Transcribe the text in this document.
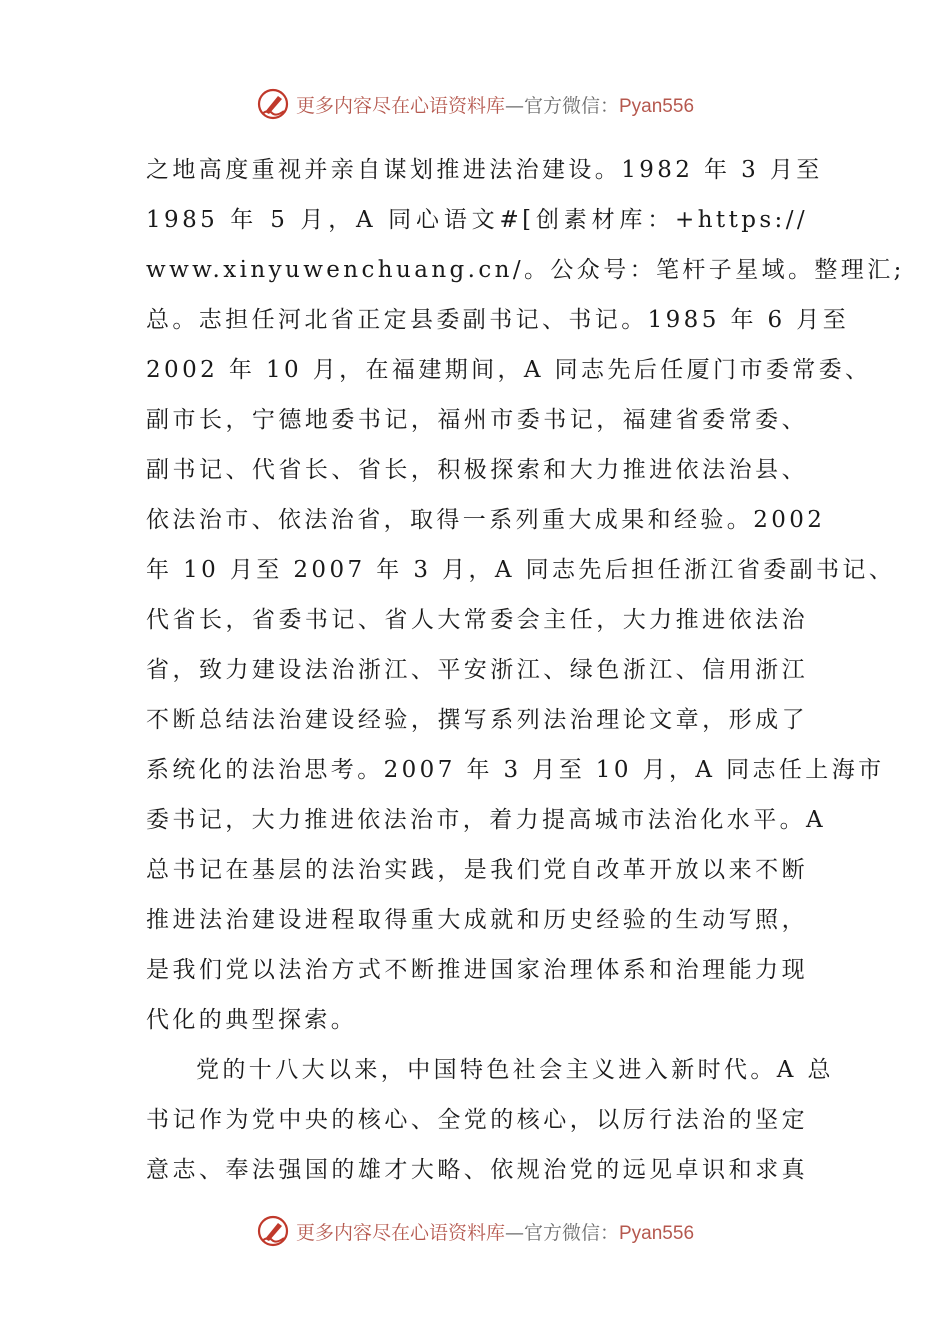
更多内容尽在心语资料库—官方微信：Pyan556
之地高度重视并亲自谋划推进法治建设。1982 年 3 月至
1985 年 5 月，A 同心语文#[创素材库：+https://
www.xinyuwenchuang.cn/。公众号：笔杆子星域。整理汇;
总。志担任河北省正定县委副书记、书记。1985 年 6 月至
2002 年 10 月，在福建期间，A 同志先后任厦门市委常委、
副市长，宁德地委书记，福州市委书记，福建省委常委、
副书记、代省长、省长，积极探索和大力推进依法治县、
依法治市、依法治省，取得一系列重大成果和经验。2002
年 10 月至 2007 年 3 月，A 同志先后担任浙江省委副书记、
代省长，省委书记、省人大常委会主任，大力推进依法治
省，致力建设法治浙江、平安浙江、绿色浙江、信用浙江
不断总结法治建设经验，撰写系列法治理论文章，形成了
系统化的法治思考。2007 年 3 月至 10 月，A 同志任上海市
委书记，大力推进依法治市，着力提高城市法治化水平。A
总书记在基层的法治实践，是我们党自改革开放以来不断
推进法治建设进程取得重大成就和历史经验的生动写照，
是我们党以法治方式不断推进国家治理体系和治理能力现
代化的典型探索。
党的十八大以来，中国特色社会主义进入新时代。A 总
书记作为党中央的核心、全党的核心，以厉行法治的坚定
意志、奉法强国的雄才大略、依规治党的远见卓识和求真
更多内容尽在心语资料库—官方微信：Pyan556
